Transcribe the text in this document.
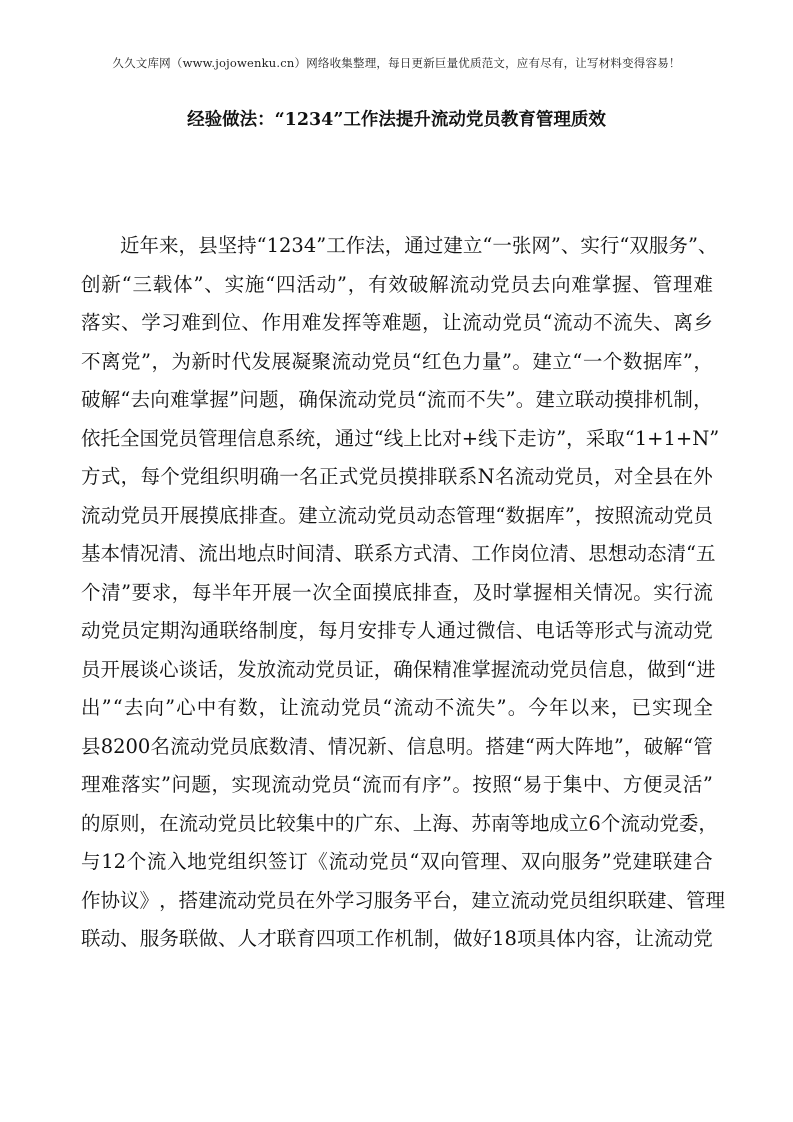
久久文库网（www.jojowenku.cn）网络收集整理，每日更新巨量优质范文，应有尽有，让写材料变得容易！
经验做法：“1234”工作法提升流动党员教育管理质效
近 年 来 ， 县 坚 持 “ 1234 ” 工 作 法 ， 通 过 建 立 “ 一 张 网 ” 、 实 行 “ 双 服 务 ” 、
创 新 “ 三 载 体 ” 、 实 施 “ 四 活 动 ” ， 有 效 破 解 流 动 党 员 去 向 难 掌 握 、 管 理 难
落 实 、 学 习 难 到 位 、 作 用 难 发 挥 等 难 题 ， 让 流 动 党 员 “ 流 动 不 流 失 、 离 乡
不 离 党 ” ， 为 新 时 代 发 展 凝 聚 流 动 党 员 “ 红 色 力 量 ” 。 建 立 “ 一 个 数 据 库 ” ，
破 解 “ 去 向 难 掌 握 ” 问 题 ， 确 保 流 动 党 员 “ 流 而 不 失 ” 。 建 立 联 动 摸 排 机 制 ，
依 托 全 国 党 员 管 理 信 息 系 统 ， 通 过 “ 线 上 比 对 + 线 下 走 访 ” ， 采 取 “ 1+1+N ”
方 式 ， 每 个 党 组 织 明 确 一 名 正 式 党 员 摸 排 联 系 N 名 流 动 党 员 ， 对 全 县 在 外
流 动 党 员 开 展 摸 底 排 查 。 建 立 流 动 党 员 动 态 管 理 “ 数 据 库 ” ， 按 照 流 动 党 员
基 本 情 况 清 、 流 出 地 点 时 间 清 、 联 系 方 式 清 、 工 作 岗 位 清 、 思 想 动 态 清 “ 五
个 清 ” 要 求 ， 每 半 年 开 展 一 次 全 面 摸 底 排 查 ， 及 时 掌 握 相 关 情 况 。 实 行 流
动 党 员 定 期 沟 通 联 络 制 度 ， 每 月 安 排 专 人 通 过 微 信 、 电 话 等 形 式 与 流 动 党
员 开 展 谈 心 谈 话 ， 发 放 流 动 党 员 证 ， 确 保 精 准 掌 握 流 动 党 员 信 息 ， 做 到 “ 进
出 ” “ 去 向 ” 心 中 有 数 ， 让 流 动 党 员 “ 流 动 不 流 失 ” 。 今 年 以 来 ， 已 实 现 全
县 8200 名 流 动 党 员 底 数 清 、 情 况 新 、 信 息 明 。 搭 建 “ 两 大 阵 地 ” ， 破 解 “ 管
理 难 落 实 ” 问 题 ， 实 现 流 动 党 员 “ 流 而 有 序 ” 。 按 照 “ 易 于 集 中 、 方 便 灵 活 ”
的 原 则 ， 在 流 动 党 员 比 较 集 中 的 广 东 、 上 海 、 苏 南 等 地 成 立 6 个 流 动 党 委 ，
与 12 个 流 入 地 党 组 织 签 订 《 流 动 党 员 “ 双 向 管 理 、 双 向 服 务 ” 党 建 联 建 合
作 协 议 》 ， 搭 建 流 动 党 员 在 外 学 习 服 务 平 台 ， 建 立 流 动 党 员 组 织 联 建 、 管 理
联 动 、 服 务 联 做 、 人 才 联 育 四 项 工 作 机 制 ， 做 好 18 项 具 体 内 容 ， 让 流 动 党
